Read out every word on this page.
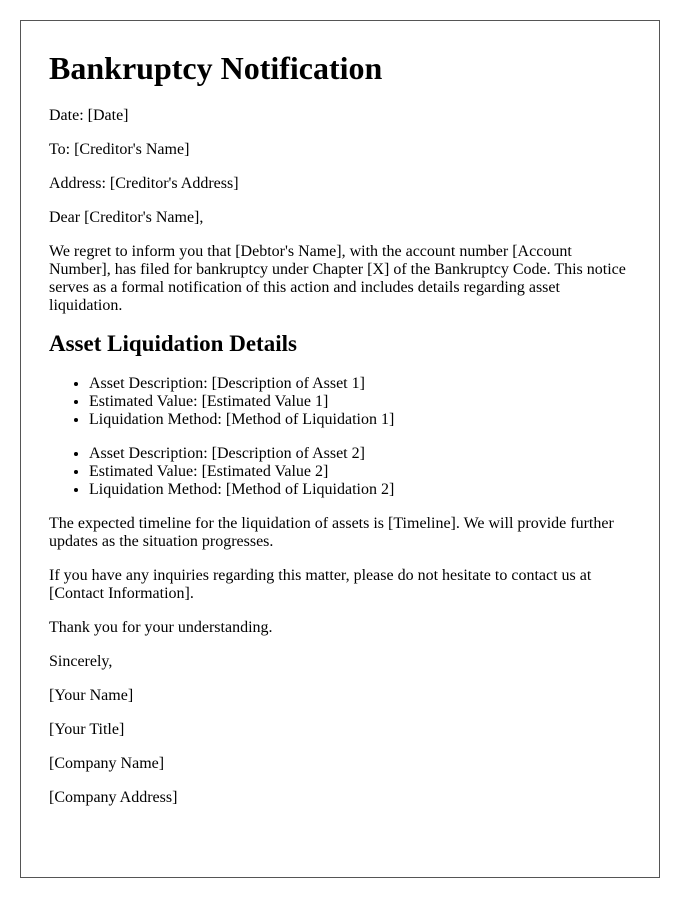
Bankruptcy Notification

Date: [Date]

To: [Creditor's Name]

Address: [Creditor's Address]

Dear [Creditor's Name],

We regret to inform you that [Debtor's Name], with the account number [Account Number], has filed for bankruptcy under Chapter [X] of the Bankruptcy Code. This notice serves as a formal notification of this action and includes details regarding asset liquidation.

Asset Liquidation Details
• Asset Description: [Description of Asset 1]
• Estimated Value: [Estimated Value 1]
• Liquidation Method: [Method of Liquidation 1]
• Asset Description: [Description of Asset 2]
• Estimated Value: [Estimated Value 2]
• Liquidation Method: [Method of Liquidation 2]

The expected timeline for the liquidation of assets is [Timeline]. We will provide further updates as the situation progresses.

If you have any inquiries regarding this matter, please do not hesitate to contact us at [Contact Information].

Thank you for your understanding.

Sincerely,

[Your Name]

[Your Title]

[Company Name]

[Company Address]
